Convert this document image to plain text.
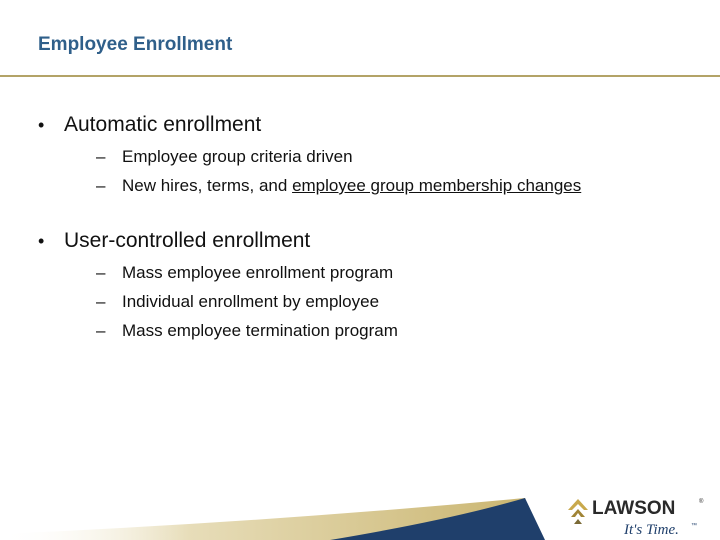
Employee Enrollment
• Automatic enrollment
– Employee group criteria driven
– New hires, terms, and employee group membership changes
• User-controlled enrollment
– Mass employee enrollment program
– Individual enrollment by employee
– Mass employee termination program
LAWSON	®
It's Time. ™
